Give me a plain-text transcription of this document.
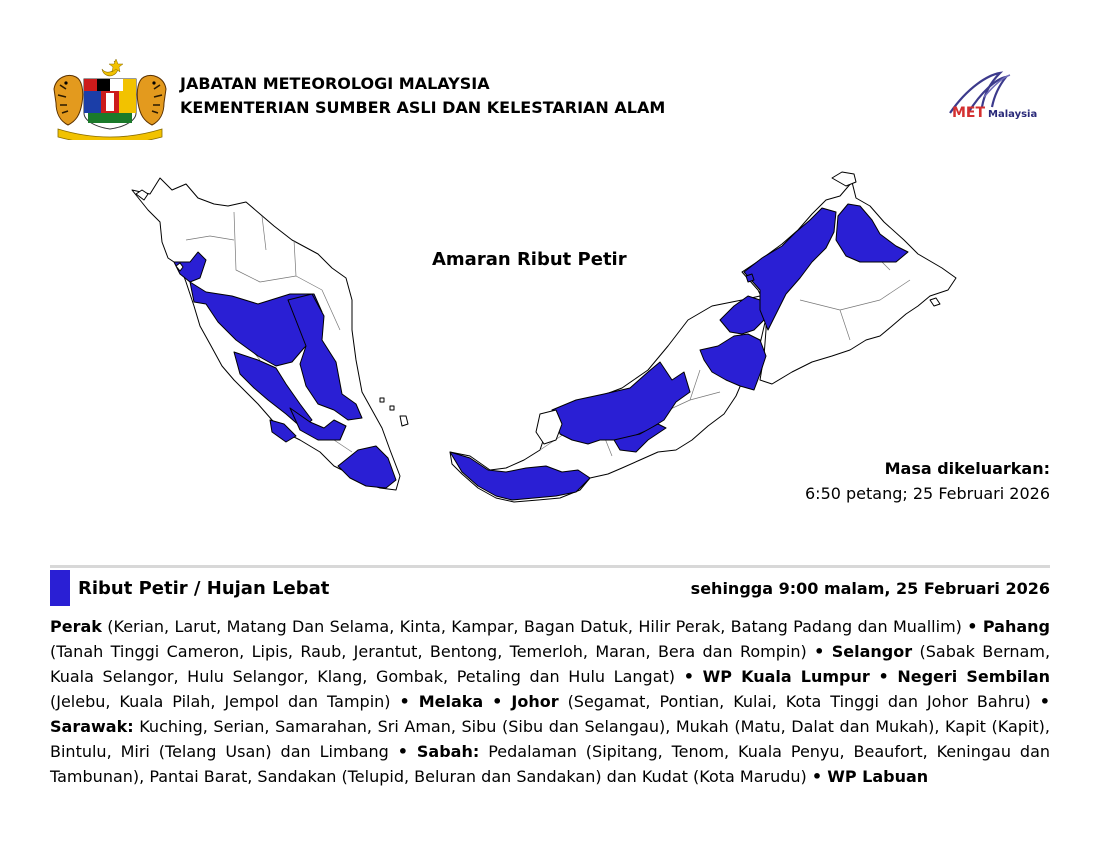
JABATAN METEOROLOGI MALAYSIA
KEMENTERIAN SUMBER ASLI DAN KELESTARIAN ALAM	MET Malaysia
Amaran Ribut Petir
Masa dikeluarkan:
6:50 petang; 25 Februari 2026
Ribut Petir / Hujan Lebat	sehingga 9:00 malam, 25 Februari 2026
Perak (Kerian, Larut, Matang Dan Selama, Kinta, Kampar, Bagan Datuk, Hilir Perak, Batang Padang dan Muallim) • Pahang (Tanah Tinggi Cameron, Lipis, Raub, Jerantut, Bentong, Temerloh, Maran, Bera dan Rompin) • Selangor (Sabak Bernam, Kuala Selangor, Hulu Selangor, Klang, Gombak, Petaling dan Hulu Langat) • WP Kuala Lumpur • Negeri Sembilan (Jelebu, Kuala Pilah, Jempol dan Tampin) • Melaka • Johor (Segamat, Pontian, Kulai, Kota Tinggi dan Johor Bahru) • Sarawak: Kuching, Serian, Samarahan, Sri Aman, Sibu (Sibu dan Selangau), Mukah (Matu, Dalat dan Mukah), Kapit (Kapit), Bintulu, Miri (Telang Usan) dan Limbang • Sabah: Pedalaman (Sipitang, Tenom, Kuala Penyu, Beaufort, Keningau dan Tambunan), Pantai Barat, Sandakan (Telupid, Beluran dan Sandakan) dan Kudat (Kota Marudu) • WP Labuan
